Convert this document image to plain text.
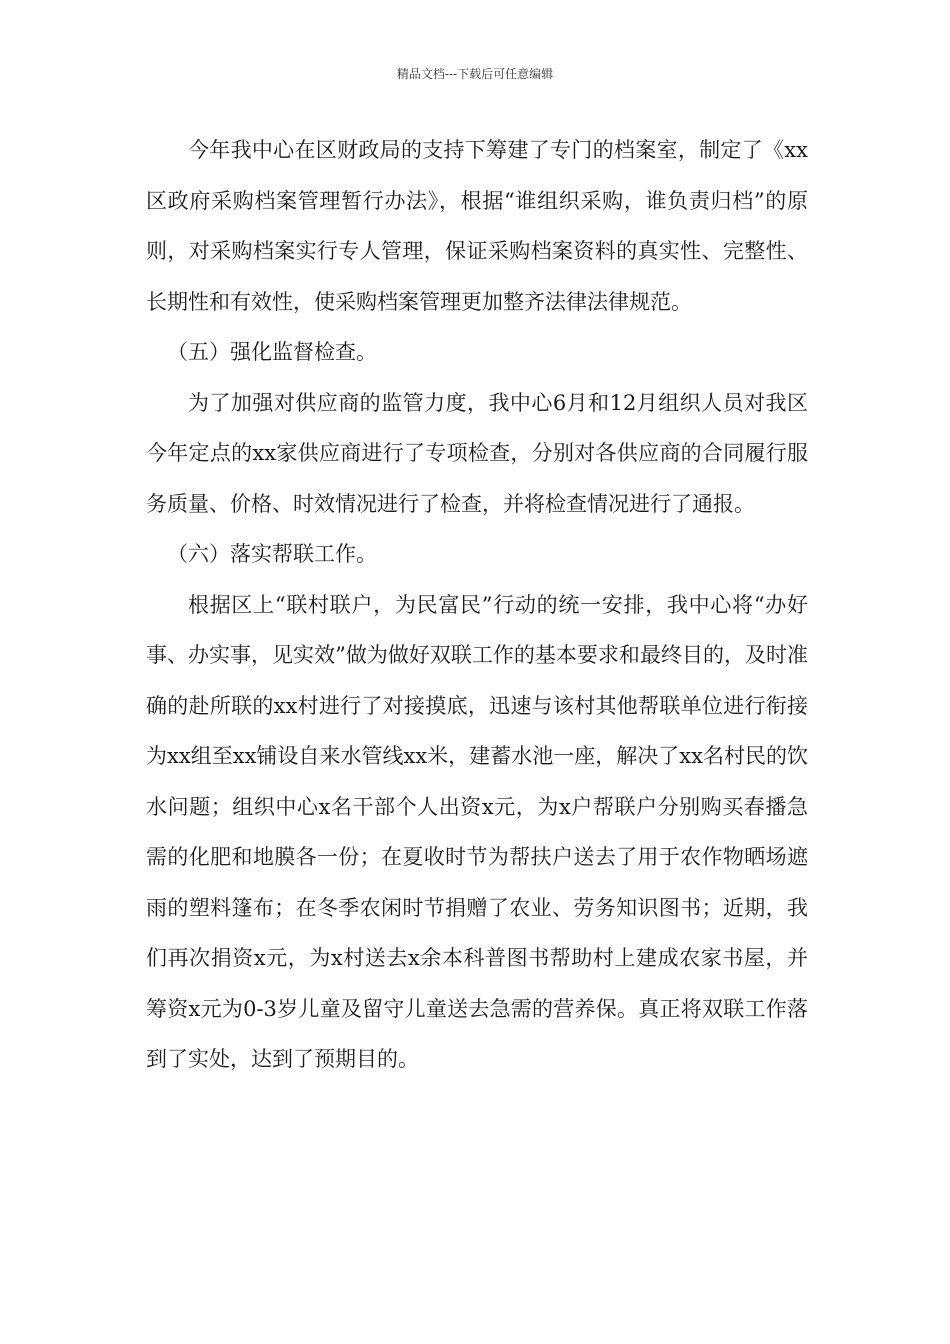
精品文档---下载后可任意编辑

今年我中心在区财政局的支持下筹建了专门的档案室，制定了《xx区政府采购档案管理暂行办法》，根据“谁组织采购，谁负责归档”的原则，对采购档案实行专人管理，保证采购档案资料的真实性、完整性、长期性和有效性，使采购档案管理更加整齐法律法律规范。

（五）强化监督检查。

为了加强对供应商的监管力度，我中心6月和12月组织人员对我区今年定点的xx家供应商进行了专项检查，分别对各供应商的合同履行服务质量、价格、时效情况进行了检查，并将检查情况进行了通报。

（六）落实帮联工作。

根据区上“联村联户，为民富民”行动的统一安排，我中心将“办好事、办实事，见实效”做为做好双联工作的基本要求和最终目的，及时准确的赴所联的xx村进行了对接摸底，迅速与该村其他帮联单位进行衔接为xx组至xx铺设自来水管线xx米，建蓄水池一座，解决了xx名村民的饮水问题；组织中心x名干部个人出资x元，为x户帮联户分别购买春播急需的化肥和地膜各一份；在夏收时节为帮扶户送去了用于农作物晒场遮雨的塑料篷布；在冬季农闲时节捐赠了农业、劳务知识图书；近期，我们再次捐资x元，为x村送去x余本科普图书帮助村上建成农家书屋，并筹资x元为0-3岁儿童及留守儿童送去急需的营养保。真正将双联工作落到了实处，达到了预期目的。
